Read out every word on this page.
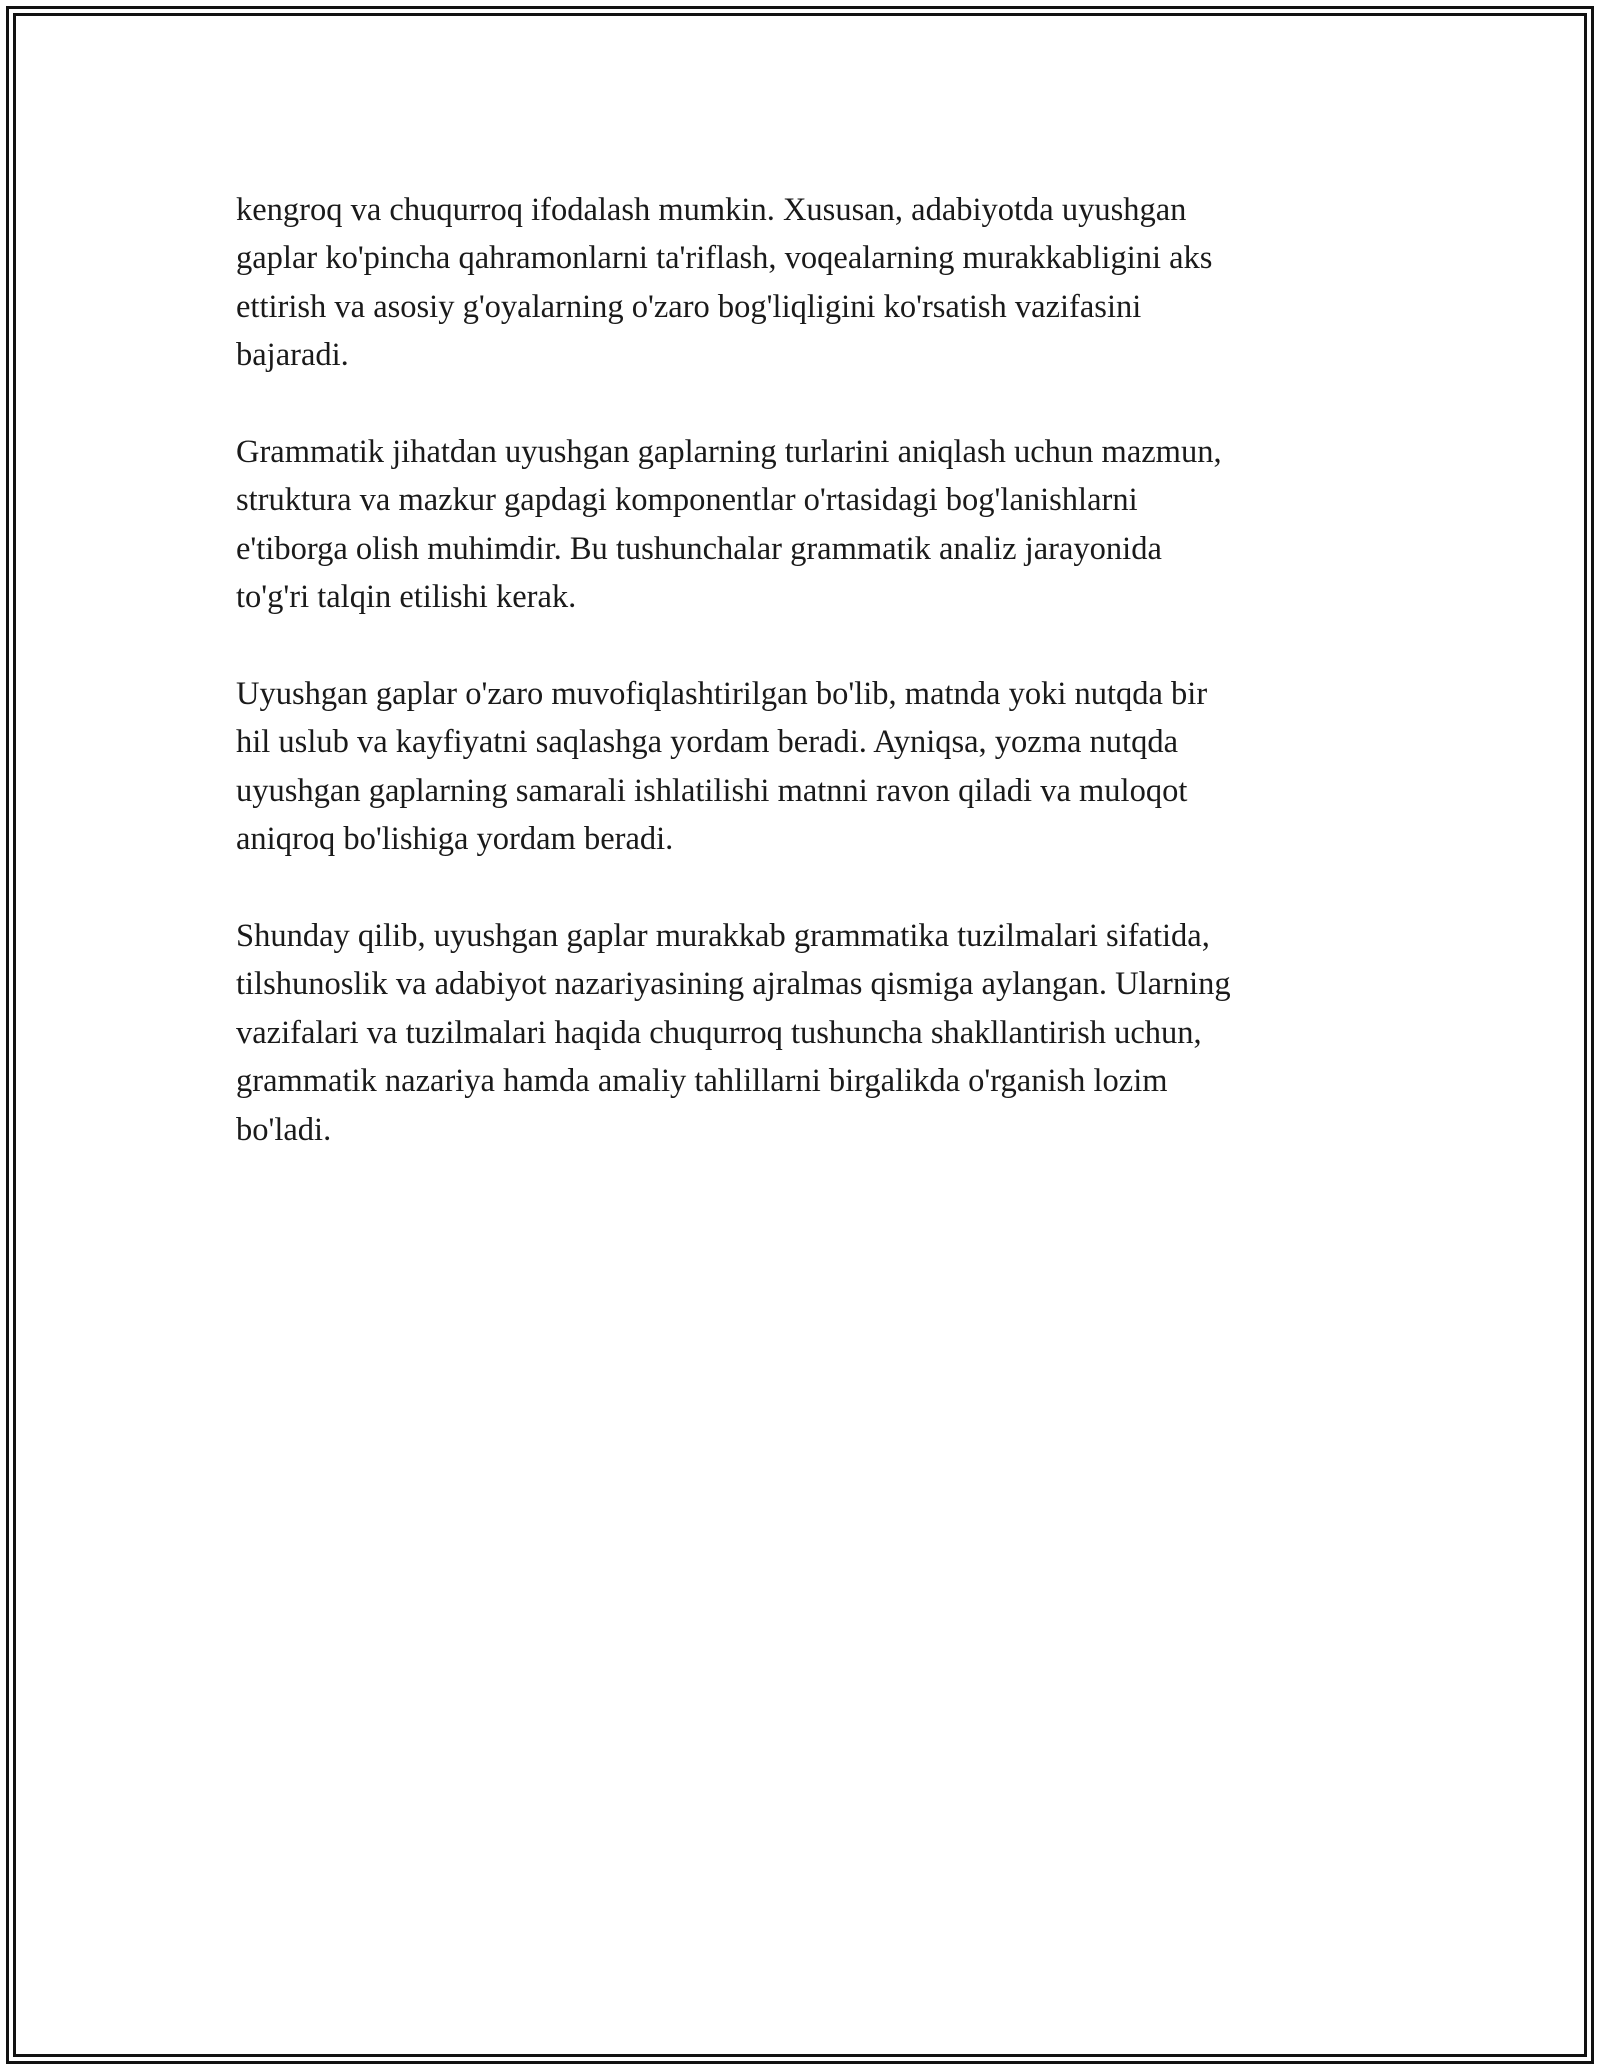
kengroq va chuqurroq ifodalash mumkin. Xususan, adabiyotda uyushgan
gaplar ko'pincha qahramonlarni ta'riflash, voqealarning murakkabligini aks
ettirish va asosiy g'oyalarning o'zaro bog'liqligini ko'rsatish vazifasini
bajaradi.

Grammatik jihatdan uyushgan gaplarning turlarini aniqlash uchun mazmun,
struktura va mazkur gapdagi komponentlar o'rtasidagi bog'lanishlarni
e'tiborga olish muhimdir. Bu tushunchalar grammatik analiz jarayonida
to'g'ri talqin etilishi kerak.

Uyushgan gaplar o'zaro muvofiqlashtirilgan bo'lib, matnda yoki nutqda bir
hil uslub va kayfiyatni saqlashga yordam beradi. Ayniqsa, yozma nutqda
uyushgan gaplarning samarali ishlatilishi matnni ravon qiladi va muloqot
aniqroq bo'lishiga yordam beradi.

Shunday qilib, uyushgan gaplar murakkab grammatika tuzilmalari sifatida,
tilshunoslik va adabiyot nazariyasining ajralmas qismiga aylangan. Ularning
vazifalari va tuzilmalari haqida chuqurroq tushuncha shakllantirish uchun,
grammatik nazariya hamda amaliy tahlillarni birgalikda o'rganish lozim
bo'ladi.
